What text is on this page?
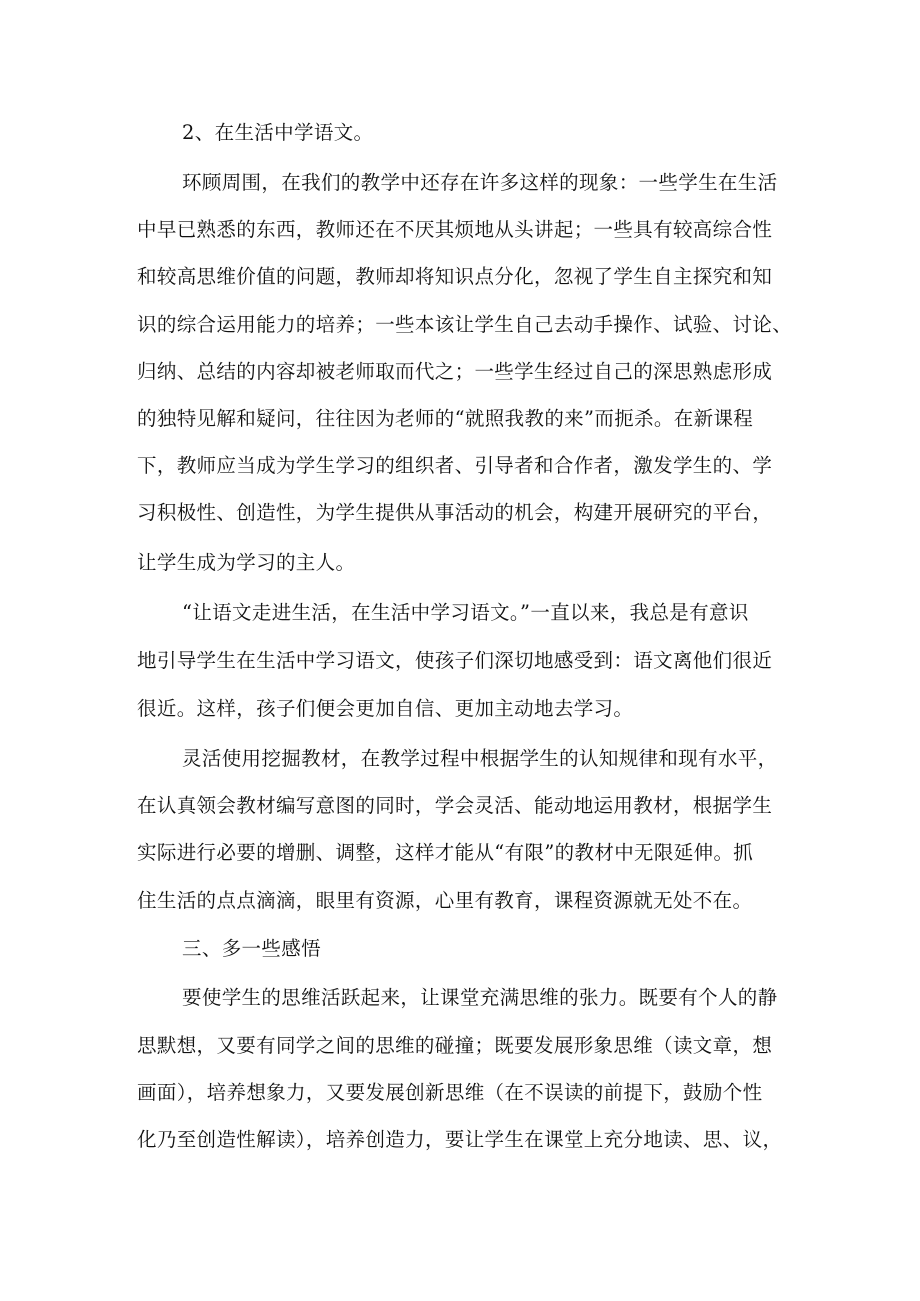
2、在生活中学语文。
环顾周围，在我们的教学中还存在许多这样的现象：一些学生在生活
中早已熟悉的东西，教师还在不厌其烦地从头讲起；一些具有较高综合性
和较高思维价值的问题，教师却将知识点分化，忽视了学生自主探究和知
识的综合运用能力的培养；一些本该让学生自己去动手操作、试验、讨论、
归纳、总结的内容却被老师取而代之；一些学生经过自己的深思熟虑形成
的独特见解和疑问，往往因为老师的“就照我教的来”而扼杀。在新课程
下，教师应当成为学生学习的组织者、引导者和合作者，激发学生的、学
习积极性、创造性，为学生提供从事活动的机会，构建开展研究的平台，
让学生成为学习的主人。
“让语文走进生活，在生活中学习语文。”一直以来，我总是有意识
地引导学生在生活中学习语文，使孩子们深切地感受到：语文离他们很近
很近。这样，孩子们便会更加自信、更加主动地去学习。
灵活使用挖掘教材，在教学过程中根据学生的认知规律和现有水平，
在认真领会教材编写意图的同时，学会灵活、能动地运用教材，根据学生
实际进行必要的增删、调整，这样才能从“有限”的教材中无限延伸。抓
住生活的点点滴滴，眼里有资源，心里有教育，课程资源就无处不在。
三、多一些感悟
要使学生的思维活跃起来，让课堂充满思维的张力。既要有个人的静
思默想，又要有同学之间的思维的碰撞；既要发展形象思维（读文章，想
画面），培养想象力，又要发展创新思维（在不误读的前提下，鼓励个性
化乃至创造性解读），培养创造力，要让学生在课堂上充分地读、思、议，
